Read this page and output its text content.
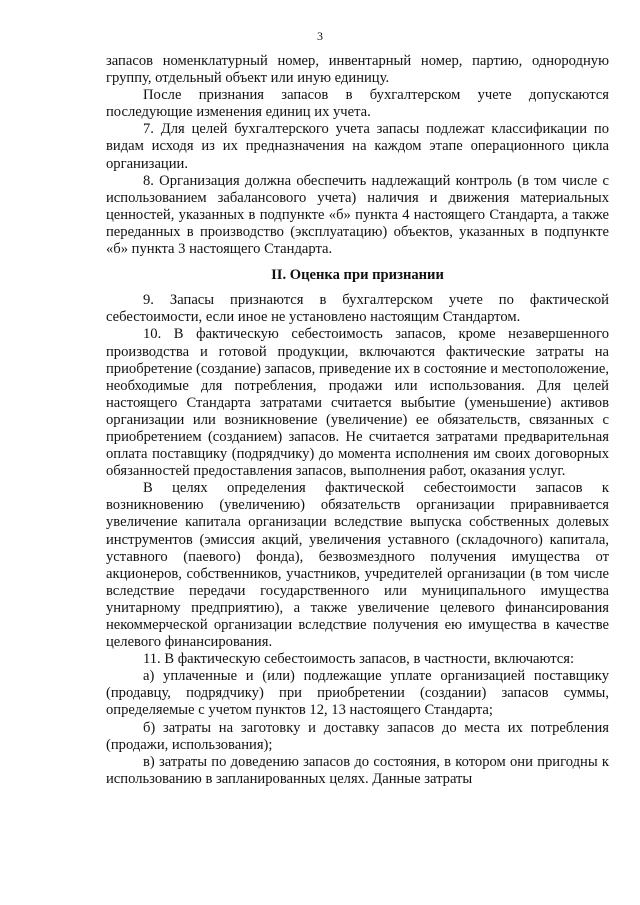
3

запасов номенклатурный номер, инвентарный номер, партию, однородную группу, отдельный объект или иную единицу.

После признания запасов в бухгалтерском учете допускаются последующие изменения единиц их учета.

7. Для целей бухгалтерского учета запасы подлежат классификации по видам исходя из их предназначения на каждом этапе операционного цикла организации.

8. Организация должна обеспечить надлежащий контроль (в том числе с использованием забалансового учета) наличия и движения материальных ценностей, указанных в подпункте «б» пункта 4 настоящего Стандарта, а также переданных в производство (эксплуатацию) объектов, указанных в подпункте «б» пункта 3 настоящего Стандарта.

II. Оценка при признании

9. Запасы признаются в бухгалтерском учете по фактической себестоимости, если иное не установлено настоящим Стандартом.

10. В фактическую себестоимость запасов, кроме незавершенного производства и готовой продукции, включаются фактические затраты на приобретение (создание) запасов, приведение их в состояние и местоположение, необходимые для потребления, продажи или использования. Для целей настоящего Стандарта затратами считается выбытие (уменьшение) активов организации или возникновение (увеличение) ее обязательств, связанных с приобретением (созданием) запасов. Не считается затратами предварительная оплата поставщику (подрядчику) до момента исполнения им своих договорных обязанностей предоставления запасов, выполнения работ, оказания услуг.

В целях определения фактической себестоимости запасов к возникновению (увеличению) обязательств организации приравнивается увеличение капитала организации вследствие выпуска собственных долевых инструментов (эмиссия акций, увеличения уставного (складочного) капитала, уставного (паевого) фонда), безвозмездного получения имущества от акционеров, собственников, участников, учредителей организации (в том числе вследствие передачи государственного или муниципального имущества унитарному предприятию), а также увеличение целевого финансирования некоммерческой организации вследствие получения ею имущества в качестве целевого финансирования.

11. В фактическую себестоимость запасов, в частности, включаются:

а) уплаченные и (или) подлежащие уплате организацией поставщику (продавцу, подрядчику) при приобретении (создании) запасов суммы, определяемые с учетом пунктов 12, 13 настоящего Стандарта;

б) затраты на заготовку и доставку запасов до места их потребления (продажи, использования);

в) затраты по доведению запасов до состояния, в котором они пригодны к использованию в запланированных целях. Данные затраты
